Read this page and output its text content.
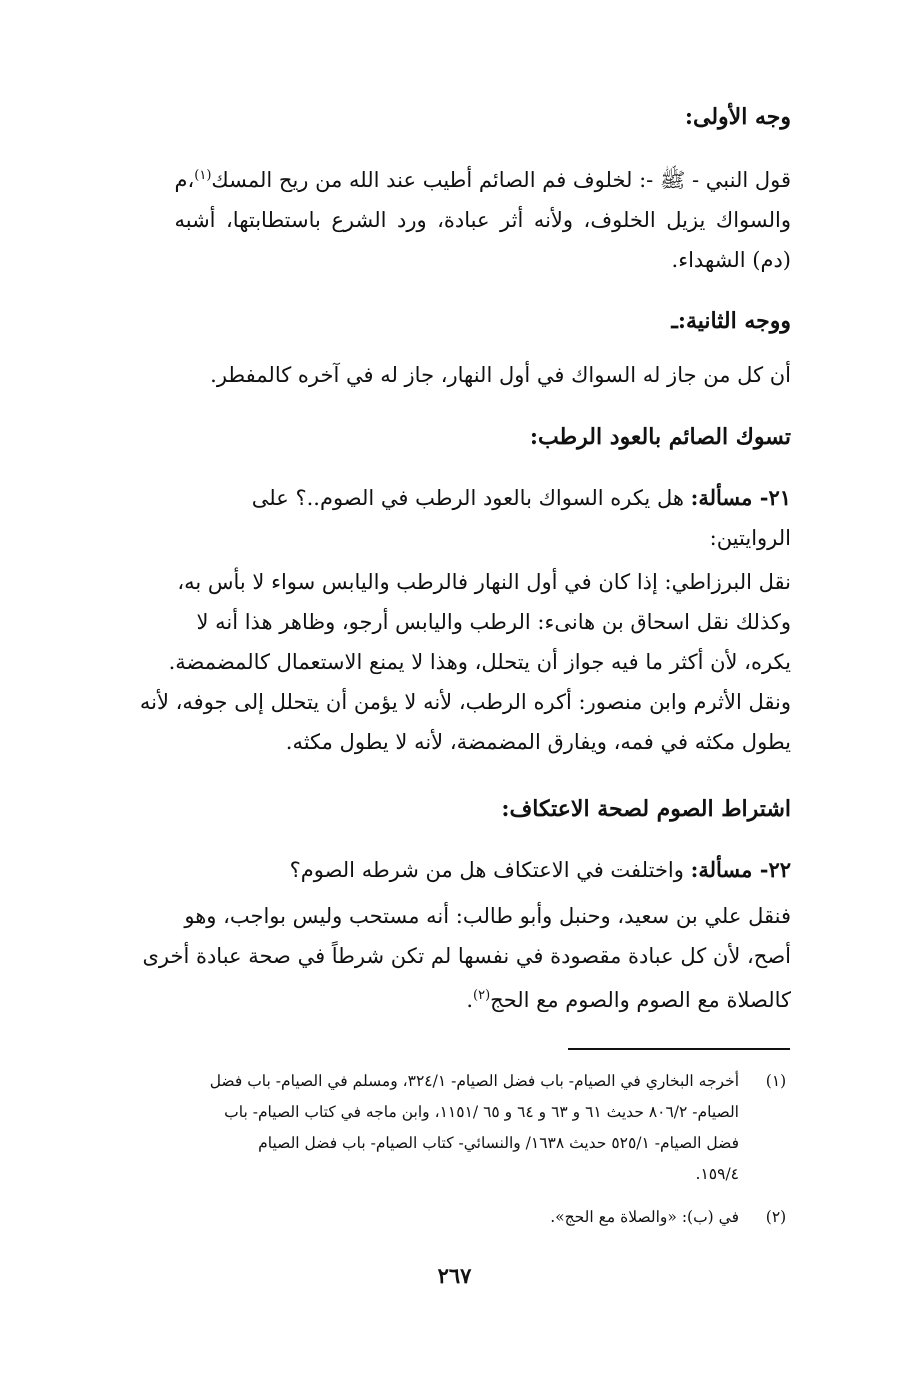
وجه الأولى:
قول النبي - ﷺ -: لخلوف فم الصائم أطيب عند الله من ريح المسك$^{(١)}$،م
والسواك يزيل الخلوف، ولأنه أثر عبادة، ورد الشرع باستطابتها، أشبه
(دم) الشهداء.
ووجه الثانية:ـ
أن كل من جاز له السواك في أول النهار، جاز له في آخره كالمفطر.
تسوك الصائم بالعود الرطب:
٢١- مسألة: هل يكره السواك بالعود الرطب في الصوم..؟ على
الروايتين:
نقل البرزاطي: إذا كان في أول النهار فالرطب واليابس سواء لا بأس به،
وكذلك نقل اسحاق بن هانىء: الرطب واليابس أرجو، وظاهر هذا أنه لا
يكره، لأن أكثر ما فيه جواز أن يتحلل، وهذا لا يمنع الاستعمال كالمضمضة.
ونقل الأثرم وابن منصور: أكره الرطب، لأنه لا يؤمن أن يتحلل إلى جوفه، لأنه
يطول مكثه في فمه، ويفارق المضمضة، لأنه لا يطول مكثه.
اشتراط الصوم لصحة الاعتكاف:
٢٢- مسألة: واختلفت في الاعتكاف هل من شرطه الصوم؟
فنقل علي بن سعيد، وحنبل وأبو طالب: أنه مستحب وليس بواجب، وهو
أصح، لأن كل عبادة مقصودة في نفسها لم تكن شرطاً في صحة عبادة أخرى
كالصلاة مع الصوم والصوم مع الحج$^{(٢)}$.
(١)
أخرجه البخاري في الصيام- باب فضل الصيام- ٣٢٤/١، ومسلم في الصيام- باب فضل
الصيام- ٨٠٦/٢ حديث ٦١ و ٦٣ و ٦٤ و ٦٥ /١١٥١، وابن ماجه في كتاب الصيام- باب
فضل الصيام- ٥٢٥/١ حديث ١٦٣٨/ والنسائي- كتاب الصيام- باب فضل الصيام
١٥٩/٤.
(٢)
في (ب): «والصلاة مع الحج».
٢٦٧
